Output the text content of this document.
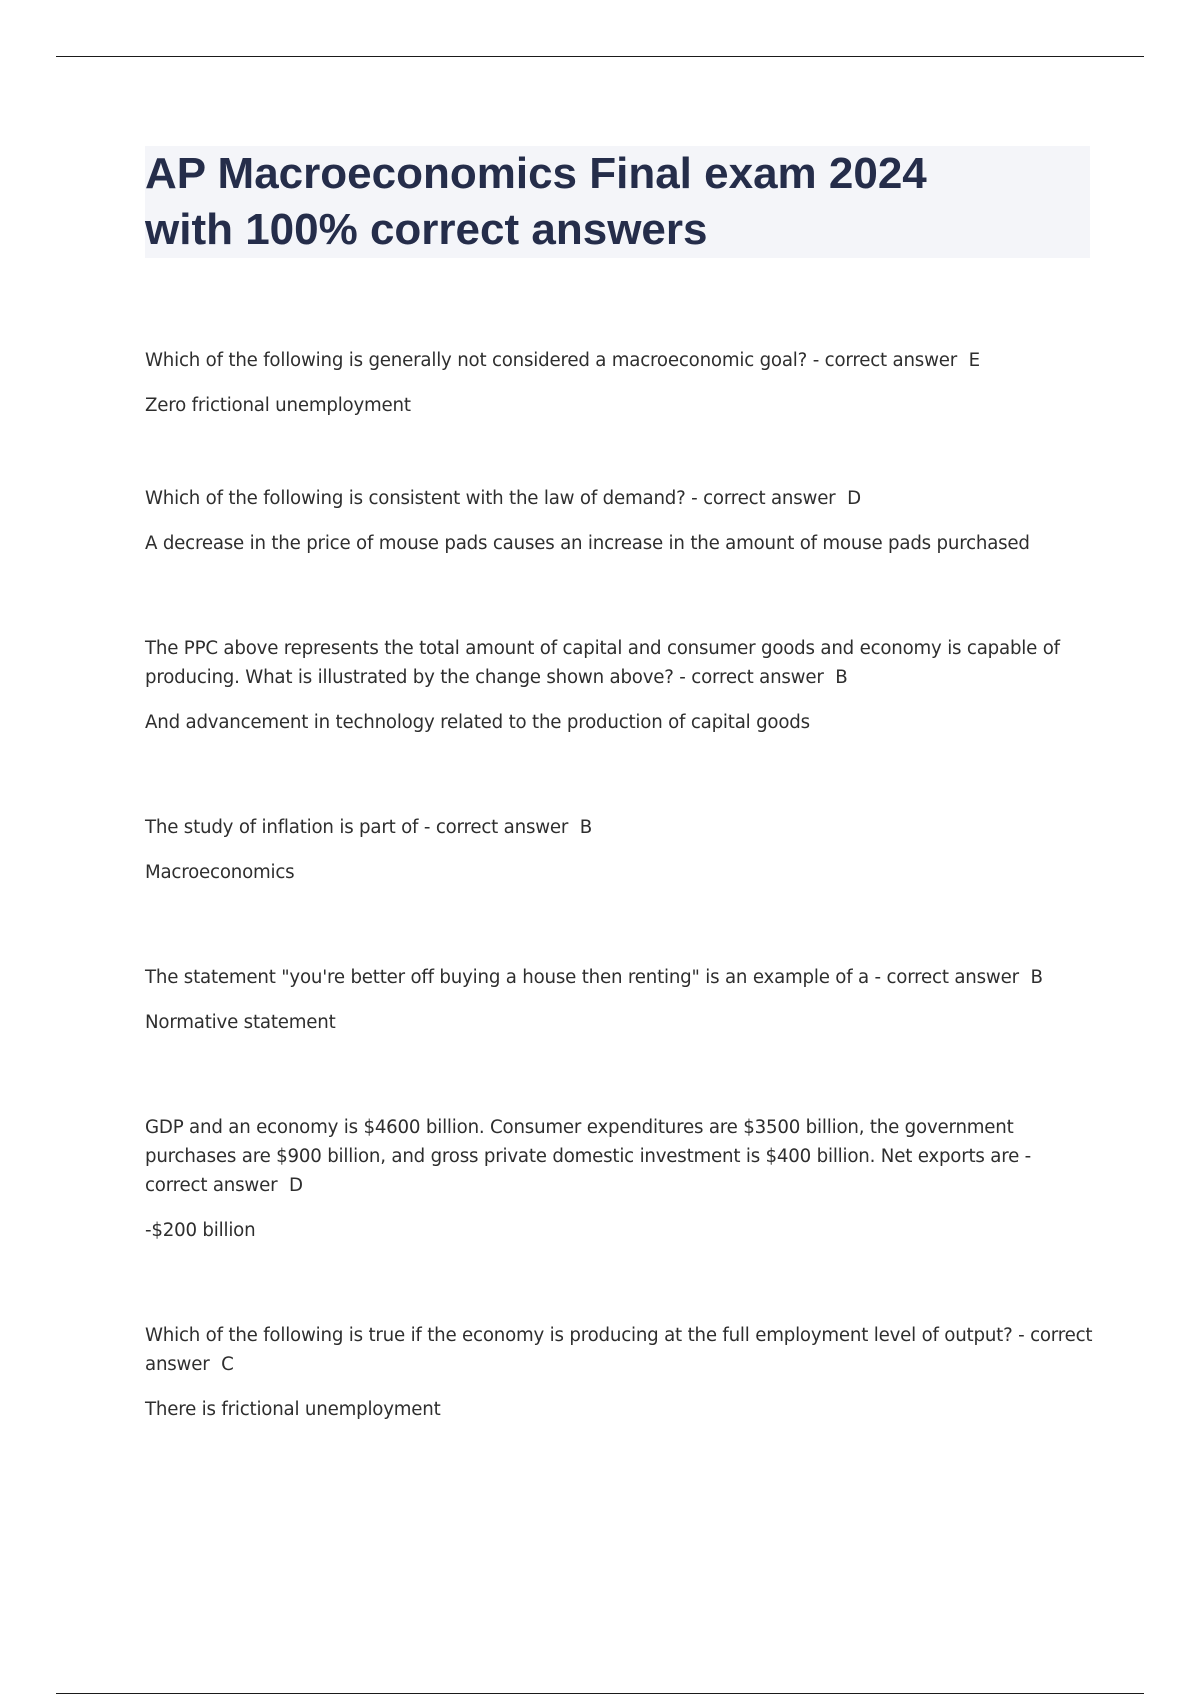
AP Macroeconomics Final exam 2024
with 100% correct answers

Which of the following is generally not considered a macroeconomic goal? - correct answer E

Zero frictional unemployment

Which of the following is consistent with the law of demand? - correct answer D

A decrease in the price of mouse pads causes an increase in the amount of mouse pads purchased

The PPC above represents the total amount of capital and consumer goods and economy is capable of producing. What is illustrated by the change shown above? - correct answer B

And advancement in technology related to the production of capital goods

The study of inflation is part of - correct answer B

Macroeconomics

The statement "you're better off buying a house then renting" is an example of a - correct answer B

Normative statement

GDP and an economy is $4600 billion. Consumer expenditures are $3500 billion, the government purchases are $900 billion, and gross private domestic investment is $400 billion. Net exports are - correct answer D

-$200 billion

Which of the following is true if the economy is producing at the full employment level of output? - correct answer C

There is frictional unemployment
